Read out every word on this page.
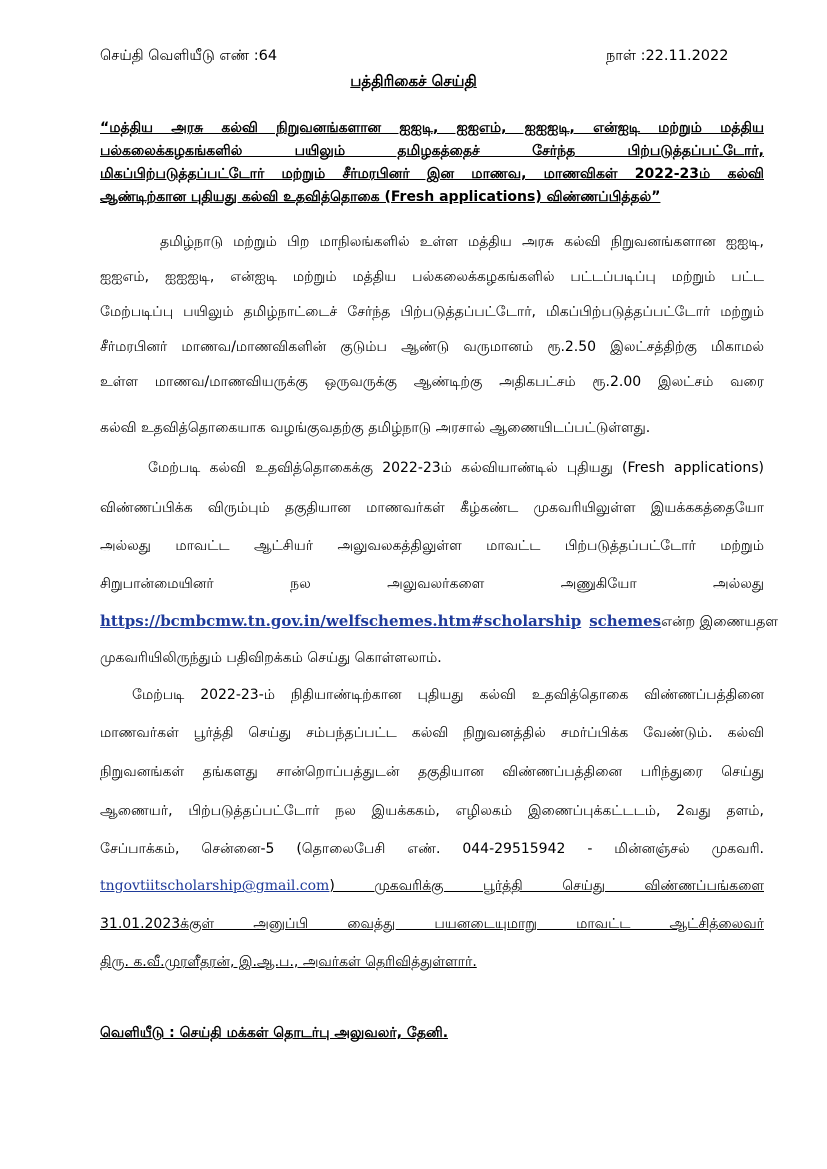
செய்தி வெளியீடு எண் :64	நாள் :22.11.2022
பத்திரிகைச் செய்தி
“மத்திய அரசு கல்வி நிறுவனங்களான ஐஐடி, ஐஐஎம், ஐஐஐடி, என்ஐடி மற்றும் மத்திய
பல்கலைக்கழகங்களில் பயிலும் தமிழகத்தைச் சேர்ந்த பிற்படுத்தப்பட்டோர்,
மிகப்பிற்படுத்தப்பட்டோர் மற்றும் சீர்மரபினர் இன மாணவ, மாணவிகள் 2022-23ம் கல்வி
ஆண்டிற்கான புதியது கல்வி உதவித்தொகை (Fresh applications) விண்ணப்பித்தல்”
தமிழ்நாடு மற்றும் பிற மாநிலங்களில் உள்ள மத்திய அரசு கல்வி நிறுவனங்களான ஐஐடி,
ஐஐஎம், ஐஐஐடி, என்ஐடி மற்றும் மத்திய பல்கலைக்கழகங்களில் பட்டப்படிப்பு மற்றும் பட்ட
மேற்படிப்பு பயிலும் தமிழ்நாட்டைச் சேர்ந்த பிற்படுத்தப்பட்டோர், மிகப்பிற்படுத்தப்பட்டோர் மற்றும்
சீர்மரபினர் மாணவ/மாணவிகளின் குடும்ப ஆண்டு வருமானம் ரூ.2.50 இலட்சத்திற்கு மிகாமல்
உள்ள மாணவ/மாணவியருக்கு ஒருவருக்கு ஆண்டிற்கு அதிகபட்சம் ரூ.2.00 இலட்சம் வரை
கல்வி உதவித்தொகையாக வழங்குவதற்கு தமிழ்நாடு அரசால் ஆணையிடப்பட்டுள்ளது.
மேற்படி கல்வி உதவித்தொகைக்கு 2022-23ம் கல்வியாண்டில் புதியது (Fresh applications)
விண்ணப்பிக்க விரும்பும் தகுதியான மாணவர்கள் கீழ்கண்ட முகவரியிலுள்ள இயக்ககத்தையோ
அல்லது மாவட்ட ஆட்சியர் அலுவலகத்திலுள்ள மாவட்ட பிற்படுத்தப்பட்டோர் மற்றும்
சிறுபான்மையினர் நல அலுவலர்களை அணுகியோ அல்லது
https://bcmbcmw.tn.gov.in/welfschemes.htm#scholarship schemes என்ற இணையதள
முகவரியிலிருந்தும் பதிவிறக்கம் செய்து கொள்ளலாம்.
மேற்படி 2022-23-ம் நிதியாண்டிற்கான புதியது கல்வி உதவித்தொகை விண்ணப்பத்தினை
மாணவர்கள் பூர்த்தி செய்து சம்பந்தப்பட்ட கல்வி நிறுவனத்தில் சமர்ப்பிக்க வேண்டும். கல்வி
நிறுவனங்கள் தங்களது சான்றொப்பத்துடன் தகுதியான விண்ணப்பத்தினை பரிந்துரை செய்து
ஆணையர், பிற்படுத்தப்பட்டோர் நல இயக்ககம், எழிலகம் இணைப்புக்கட்டடம், 2வது தளம்,
சேப்பாக்கம், சென்னை-5 (தொலைபேசி எண். 044-29515942 - மின்னஞ்சல் முகவரி.
tngovtiitscholarship@gmail.com ) முகவரிக்கு பூர்த்தி செய்து விண்ணப்பங்களை
31.01.2023க்குள் அனுப்பி வைத்து பயனடையுமாறு மாவட்ட ஆட்சித்லைவர்
திரு. க.வீ.முரளீதரன், இ.ஆ.ப., அவர்கள் தெரிவித்துள்ளார்.
வெளியீடு : செய்தி மக்கள் தொடர்பு அலுவலர், தேனி.
